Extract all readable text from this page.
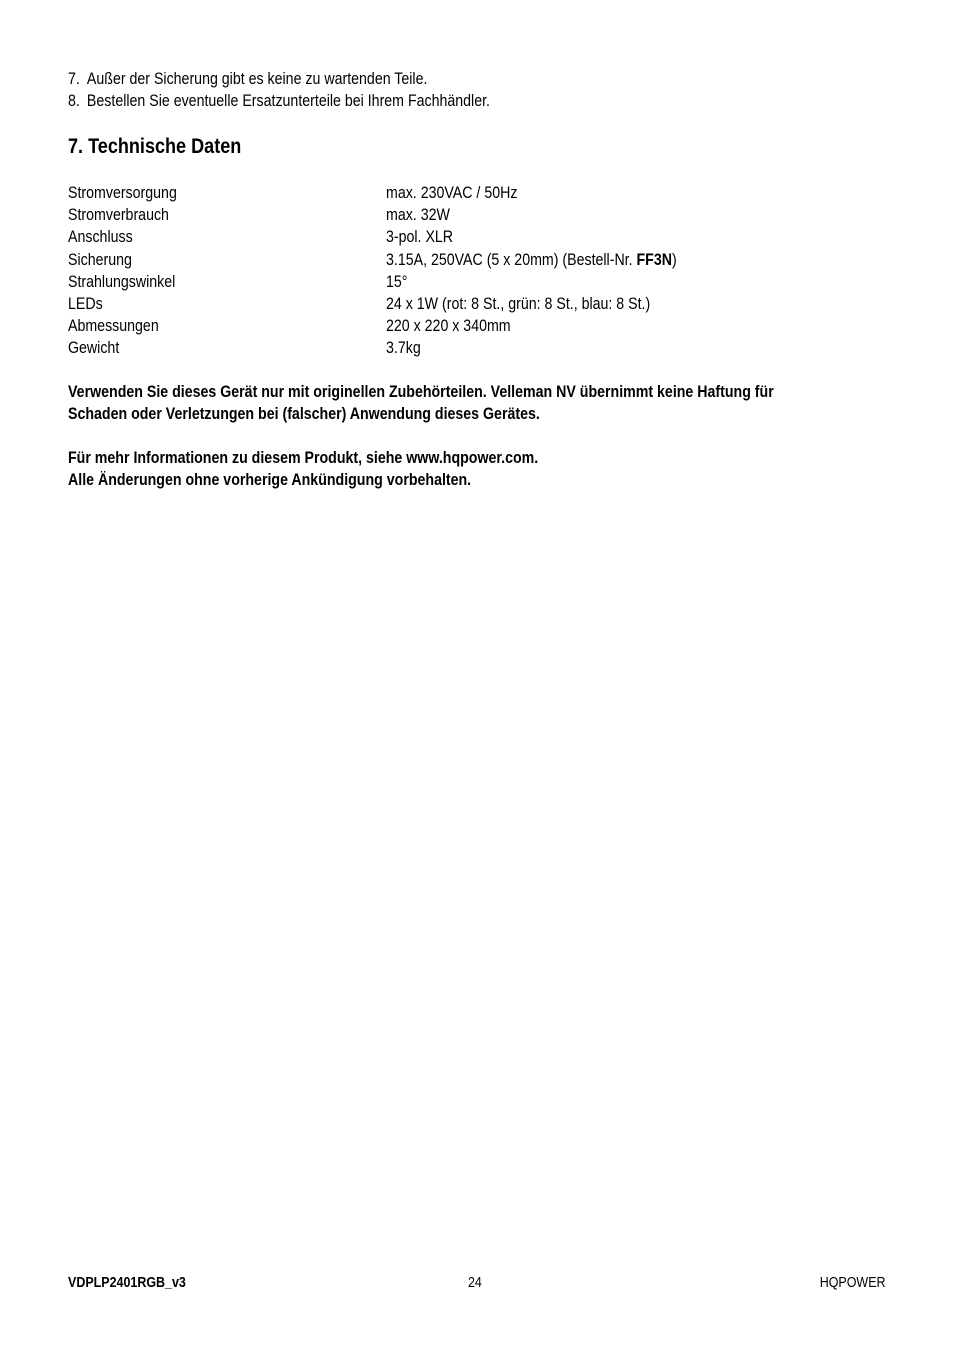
7. Außer der Sicherung gibt es keine zu wartenden Teile.
8. Bestellen Sie eventuelle Ersatzunterteile bei Ihrem Fachhändler.
7. Technische Daten
Stromversorgung	max. 230VAC / 50Hz
Stromverbrauch	max. 32W
Anschluss	3-pol. XLR
Sicherung	3.15A, 250VAC (5 x 20mm) (Bestell-Nr. FF3N)
Strahlungswinkel	15°
LEDs	24 x 1W (rot: 8 St., grün: 8 St., blau: 8 St.)
Abmessungen	220 x 220 x 340mm
Gewicht	3.7kg
Verwenden Sie dieses Gerät nur mit originellen Zubehörteilen. Velleman NV übernimmt keine Haftung für
Schaden oder Verletzungen bei (falscher) Anwendung dieses Gerätes.
Für mehr Informationen zu diesem Produkt, siehe www.hqpower.com.
Alle Änderungen ohne vorherige Ankündigung vorbehalten.
VDPLP2401RGB_v3	24	HQPOWER
